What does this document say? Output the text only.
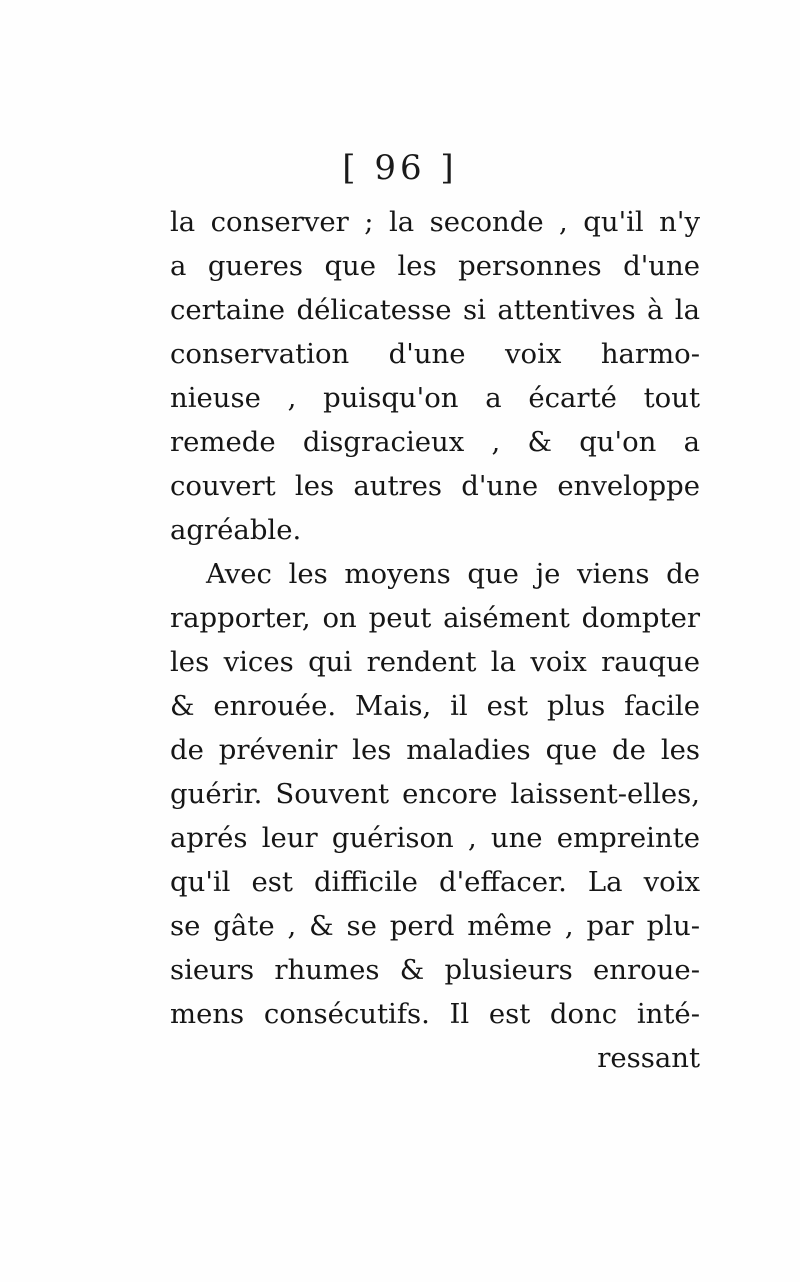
[ 96 ]
la conserver ; la seconde , qu'il n'y
a gueres que les personnes d'une
certaine délicatesse si attentives à la
conservation d'une voix harmo-
nieuse , puisqu'on a écarté tout
remede disgracieux , & qu'on a
couvert les autres d'une enveloppe
agréable.
Avec les moyens que je viens de
rapporter, on peut aisément dompter
les vices qui rendent la voix rauque
& enrouée. Mais, il est plus facile
de prévenir les maladies que de les
guérir. Souvent encore laissent-elles,
aprés leur guérison , une empreinte
qu'il est difficile d'effacer. La voix
se gâte , & se perd même , par plu-
sieurs rhumes & plusieurs enroue-
mens consécutifs. Il est donc inté-
ressant
